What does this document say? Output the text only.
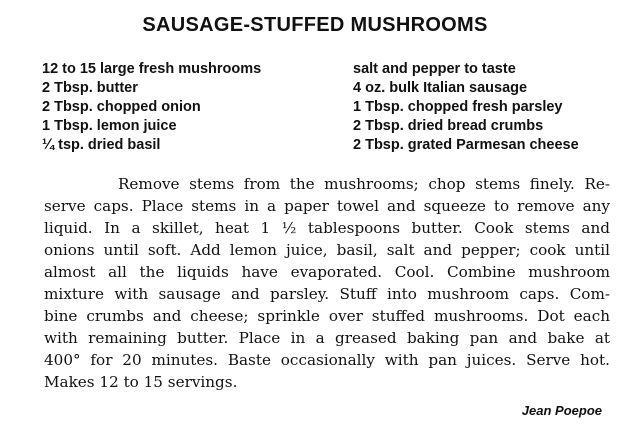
SAUSAGE-STUFFED MUSHROOMS
12 to 15 large fresh mushrooms
2 Tbsp. butter
2 Tbsp. chopped onion
1 Tbsp. lemon juice
¼ tsp. dried basil
salt and pepper to taste
4 oz. bulk Italian sausage
1 Tbsp. chopped fresh parsley
2 Tbsp. dried bread crumbs
2 Tbsp. grated Parmesan cheese
Remove stems from the mushrooms; chop stems finely. Re-
serve caps. Place stems in a paper towel and squeeze to remove any
liquid. In a skillet, heat 1 ½ tablespoons butter. Cook stems and
onions until soft. Add lemon juice, basil, salt and pepper; cook until
almost all the liquids have evaporated. Cool. Combine mushroom
mixture with sausage and parsley. Stuff into mushroom caps. Com-
bine crumbs and cheese; sprinkle over stuffed mushrooms. Dot each
with remaining butter. Place in a greased baking pan and bake at
400° for 20 minutes. Baste occasionally with pan juices. Serve hot.
Makes 12 to 15 servings.
Jean Poepoe
